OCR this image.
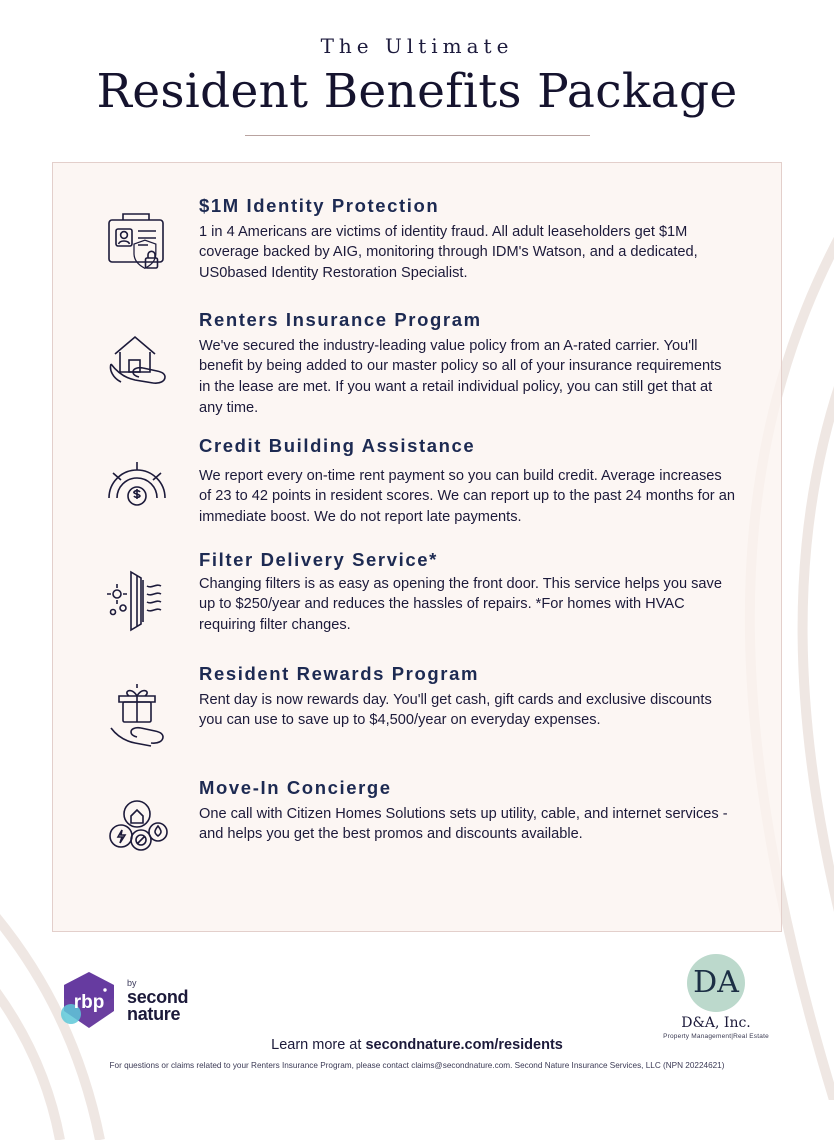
The Ultimate
Resident Benefits Package
$1M Identity Protection

1 in 4 Americans are victims of identity fraud. All adult leaseholders get $1M coverage backed by AIG, monitoring through IDM's Watson, and a dedicated, US0based Identity Restoration Specialist.

Renters Insurance Program

We've secured the industry-leading value policy from an A-rated carrier. You'll benefit by being added to our master policy so all of your insurance requirements in the lease are met. If you want a retail individual policy, you can still get that at any time.

Credit Building Assistance

We report every on-time rent payment so you can build credit. Average increases of 23 to 42 points in resident scores. We can report up to the past 24 months for an immediate boost. We do not report late payments.

Filter Delivery Service*

Changing filters is as easy as opening the front door. This service helps you save up to $250/year and reduces the hassles of repairs. *For homes with HVAC requiring filter changes.

Resident Rewards Program

Rent day is now rewards day. You'll get cash, gift cards and exclusive discounts you can use to save up to $4,500/year on everyday expenses.

Move-In Concierge

One call with Citizen Homes Solutions sets up utility, cable, and internet services - and helps you get the best promos and discounts available.

rbp
by
second
nature
DA
D&A, Inc.
Property Management|Real Estate
Learn more at secondnature.com/residents
For questions or claims related to your Renters Insurance Program, please contact claims@secondnature.com. Second Nature Insurance Services, LLC (NPN 20224621)
